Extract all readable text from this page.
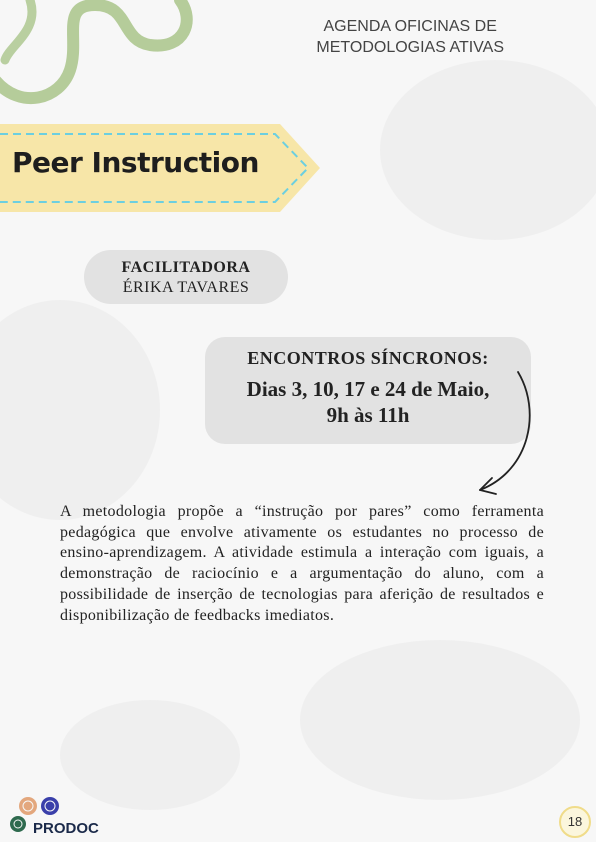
AGENDA OFICINAS DE
METODOLOGIAS ATIVAS
Peer Instruction
FACILITADORA
ÉRIKA TAVARES
ENCONTROS SÍNCRONOS:
Dias 3, 10, 17 e 24 de Maio,
9h às 11h
A metodologia propõe a “instrução por pares” como ferramenta pedagógica que envolve ativamente os estudantes no processo de ensino-aprendizagem. A atividade estimula a interação com iguais, a demonstração de raciocínio e a argumentação do aluno, com a possibilidade de inserção de tecnologias para aferição de resultados e disponibilização de feedbacks imediatos.
PRODOC	18
